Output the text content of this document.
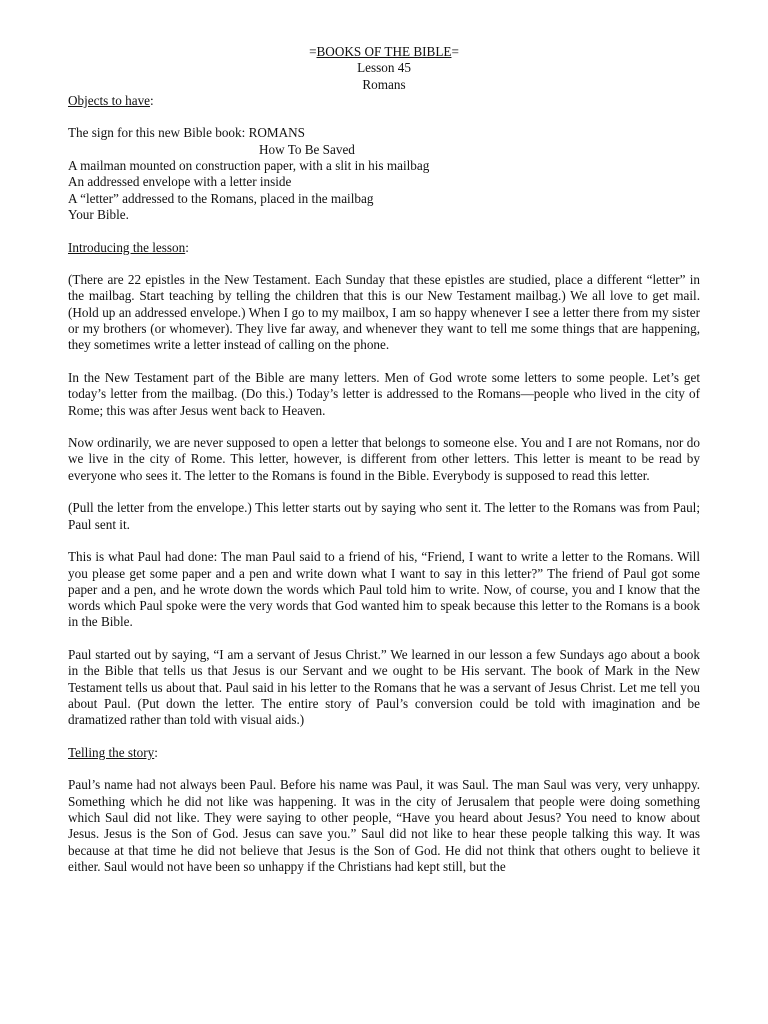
=BOOKS OF THE BIBLE=
Lesson 45
Romans
Objects to have:
The sign for this new Bible book: ROMANS
How To Be Saved
A mailman mounted on construction paper, with a slit in his mailbag
An addressed envelope with a letter inside
A “letter” addressed to the Romans, placed in the mailbag
Your Bible.
Introducing the lesson:

(There are 22 epistles in the New Testament. Each Sunday that these epistles are studied, place a different “letter” in the mailbag. Start teaching by telling the children that this is our New Testament mailbag.) We all love to get mail. (Hold up an addressed envelope.) When I go to my mailbox, I am so happy whenever I see a letter there from my sister or my brothers (or whomever). They live far away, and whenever they want to tell me some things that are happening, they sometimes write a letter instead of calling on the phone.

In the New Testament part of the Bible are many letters. Men of God wrote some letters to some people. Let’s get today’s letter from the mailbag. (Do this.) Today’s letter is addressed to the Romans—people who lived in the city of Rome; this was after Jesus went back to Heaven.

Now ordinarily, we are never supposed to open a letter that belongs to someone else. You and I are not Romans, nor do we live in the city of Rome. This letter, however, is different from other letters. This letter is meant to be read by everyone who sees it. The letter to the Romans is found in the Bible. Everybody is supposed to read this letter.

(Pull the letter from the envelope.) This letter starts out by saying who sent it. The letter to the Romans was from Paul; Paul sent it.

This is what Paul had done: The man Paul said to a friend of his, “Friend, I want to write a letter to the Romans. Will you please get some paper and a pen and write down what I want to say in this letter?” The friend of Paul got some paper and a pen, and he wrote down the words which Paul told him to write. Now, of course, you and I know that the words which Paul spoke were the very words that God wanted him to speak because this letter to the Romans is a book in the Bible.

Paul started out by saying, “I am a servant of Jesus Christ.” We learned in our lesson a few Sundays ago about a book in the Bible that tells us that Jesus is our Servant and we ought to be His servant. The book of Mark in the New Testament tells us about that. Paul said in his letter to the Romans that he was a servant of Jesus Christ. Let me tell you about Paul. (Put down the letter. The entire story of Paul’s conversion could be told with imagination and be dramatized rather than told with visual aids.)

Telling the story:

Paul’s name had not always been Paul. Before his name was Paul, it was Saul. The man Saul was very, very unhappy. Something which he did not like was happening. It was in the city of Jerusalem that people were doing something which Saul did not like. They were saying to other people, “Have you heard about Jesus? You need to know about Jesus. Jesus is the Son of God. Jesus can save you.” Saul did not like to hear these people talking this way. It was because at that time he did not believe that Jesus is the Son of God. He did not think that others ought to believe it either. Saul would not have been so unhappy if the Christians had kept still, but the
